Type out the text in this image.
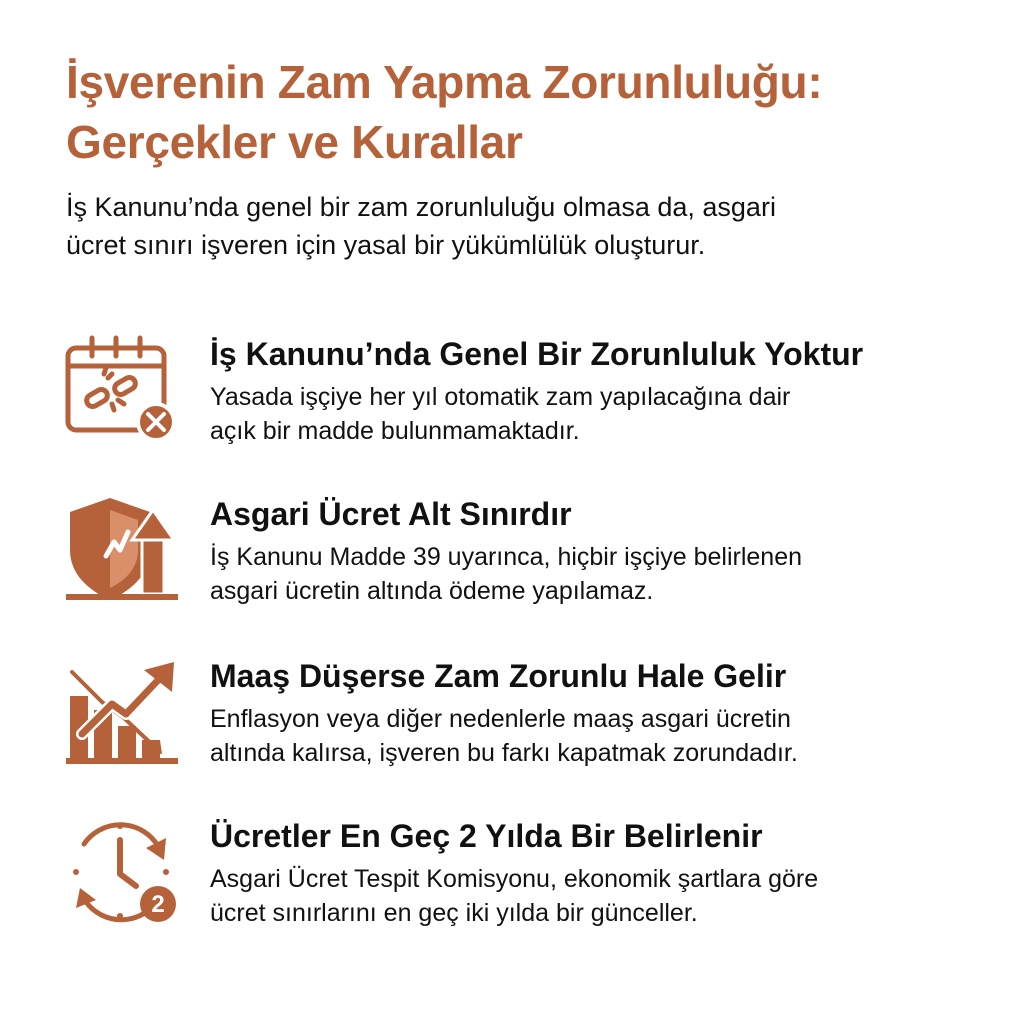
İşverenin Zam Yapma Zorunluluğu:
Gerçekler ve Kurallar

İş Kanunu’nda genel bir zam zorunluluğu olmasa da, asgari
ücret sınırı işveren için yasal bir yükümlülük oluşturur.

İş Kanunu’nda Genel Bir Zorunluluk Yoktur

Yasada işçiye her yıl otomatik zam yapılacağına dair
açık bir madde bulunmamaktadır.

Asgari Ücret Alt Sınırdır

İş Kanunu Madde 39 uyarınca, hiçbir işçiye belirlenen
asgari ücretin altında ödeme yapılamaz.

Maaş Düşerse Zam Zorunlu Hale Gelir

Enflasyon veya diğer nedenlerle maaş asgari ücretin
altında kalırsa, işveren bu farkı kapatmak zorundadır.

2
Ücretler En Geç 2 Yılda Bir Belirlenir

Asgari Ücret Tespit Komisyonu, ekonomik şartlara göre
ücret sınırlarını en geç iki yılda bir günceller.
